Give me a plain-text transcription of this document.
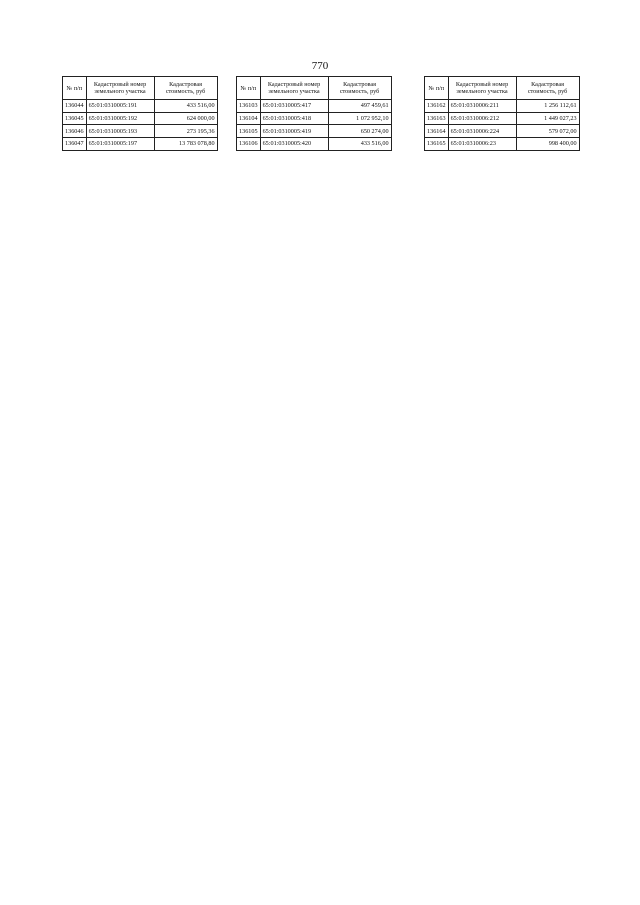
770
№ п/п	Кадастровый номер земельного участка	Кадастровая стоимость, руб
136044	65:01:0310005:191	433 516,00
136045	65:01:0310005:192	624 000,00
136046	65:01:0310005:193	273 195,36
136047	65:01:0310005:197	13 783 078,80
№ п/п	Кадастровый номер земельного участка	Кадастровая стоимость, руб
136103	65:01:0310005:417	497 459,61
136104	65:01:0310005:418	1 072 952,10
136105	65:01:0310005:419	650 274,00
136106	65:01:0310005:420	433 516,00
№ п/п	Кадастровый номер земельного участка	Кадастровая стоимость, руб
136162	65:01:0310006:211	1 256 112,61
136163	65:01:0310006:212	1 449 027,23
136164	65:01:0310006:224	579 072,00
136165	65:01:0310006:23	998 400,00
